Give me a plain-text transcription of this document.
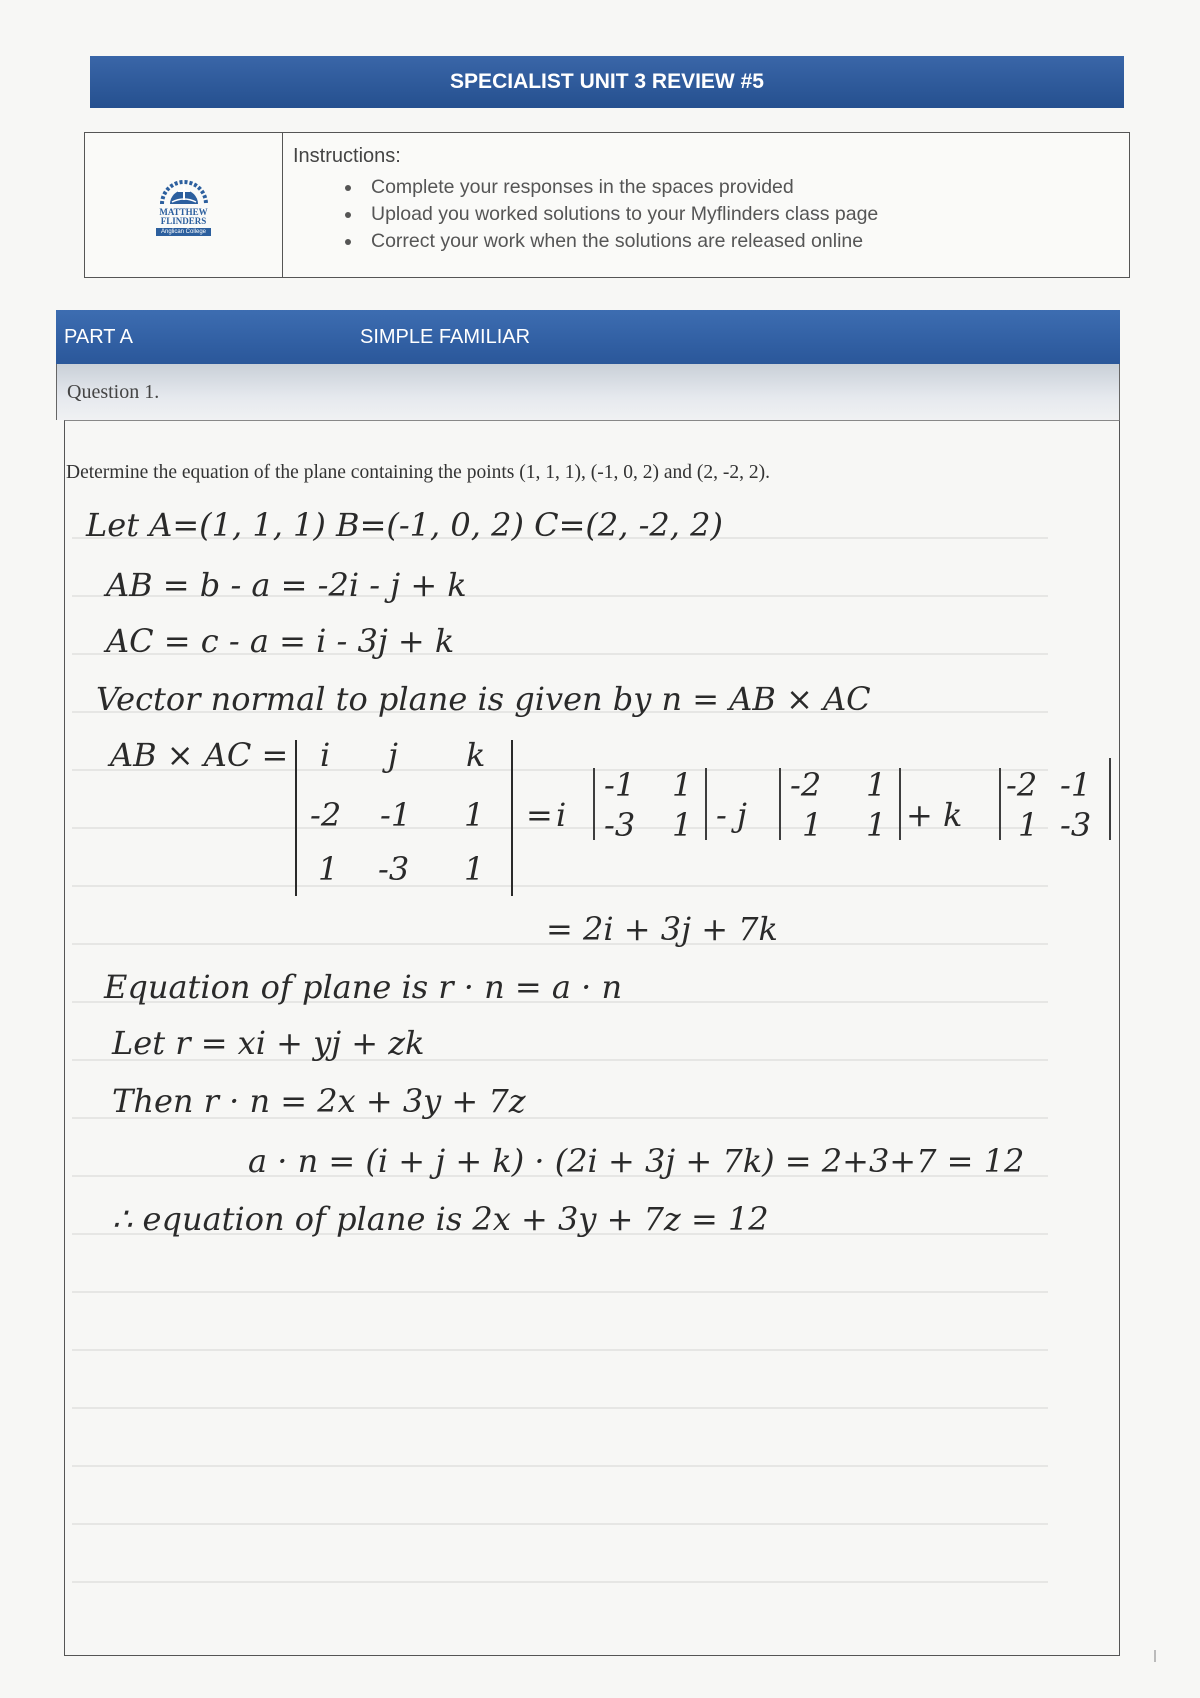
SPECIALIST UNIT 3 REVIEW #5
MATTHEW
FLINDERS
Anglican College
Instructions:
• Complete your responses in the spaces provided
• Upload you worked solutions to your Myflinders class page
• Correct your work when the solutions are released online
PART A	SIMPLE FAMILIAR
Question 1.
Determine the equation of the plane containing the points (1, 1, 1), (-1, 0, 2) and (2, -2, 2).
Let A=(1, 1, 1) B=(-1, 0, 2) C=(2, -2, 2)
AB = b - a = -2i - j + k
AC = c - a = i - 3j + k
Vector normal to plane is given by n = AB × AC
AB × AC = i j k
-2 -1 1
1 -3 1
= i
-1 1
-3 1 - j
-2 1
1 1 + k
-2 -1
1 -3
= 2i + 3j + 7k
Equation of plane is r · n = a · n
Let r = xi + yj + zk
Then r · n = 2x + 3y + 7z
a · n = (i + j + k) · (2i + 3j + 7k) = 2+3+7 = 12
∴ equation of plane is 2x + 3y + 7z = 12
